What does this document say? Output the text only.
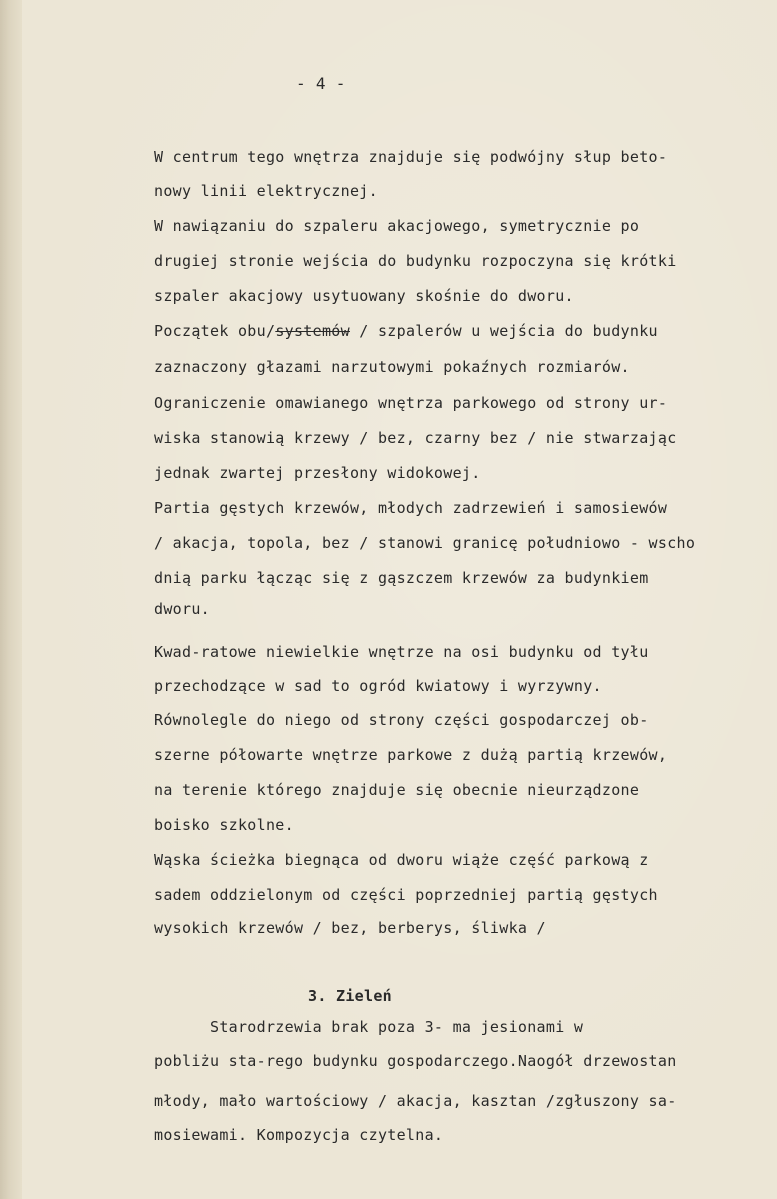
- 4 -
W centrum tego wnętrza znajduje się podwójny słup beto-
nowy linii elektrycznej.
W nawiązaniu do szpaleru akacjowego, symetrycznie po
drugiej stronie wejścia do budynku rozpoczyna się krótki
szpaler akacjowy usytuowany skośnie do dworu.
Początek obu/systemów / szpalerów u wejścia do budynku
zaznaczony głazami narzutowymi pokaźnych rozmiarów.
Ograniczenie omawianego wnętrza parkowego od strony ur-
wiska stanowią krzewy / bez, czarny bez / nie stwarzając
jednak zwartej przesłony widokowej.
Partia gęstych krzewów, młodych zadrzewień i samosiewów
/ akacja, topola, bez / stanowi granicę południowo - wscho
dnią parku łącząc się z gąszczem krzewów za budynkiem
dworu.
Kwad-ratowe niewielkie wnętrze na osi budynku od tyłu
przechodzące w sad to ogród kwiatowy i wyrzywny.
Równolegle do niego od strony części gospodarczej ob-
szerne półowarte wnętrze parkowe z dużą partią krzewów,
na terenie którego znajduje się obecnie nieurządzone
boisko szkolne.
Wąska ścieżka biegnąca od dworu wiąże część parkową z
sadem oddzielonym od części poprzedniej partią gęstych
wysokich krzewów / bez, berberys, śliwka /
3. Zieleń
Starodrzewia brak poza 3- ma jesionami w
pobliżu sta-rego budynku gospodarczego.Naogół drzewostan
młody, mało wartościowy / akacja, kasztan /zgłuszony sa-
mosiewami. Kompozycja czytelna.
